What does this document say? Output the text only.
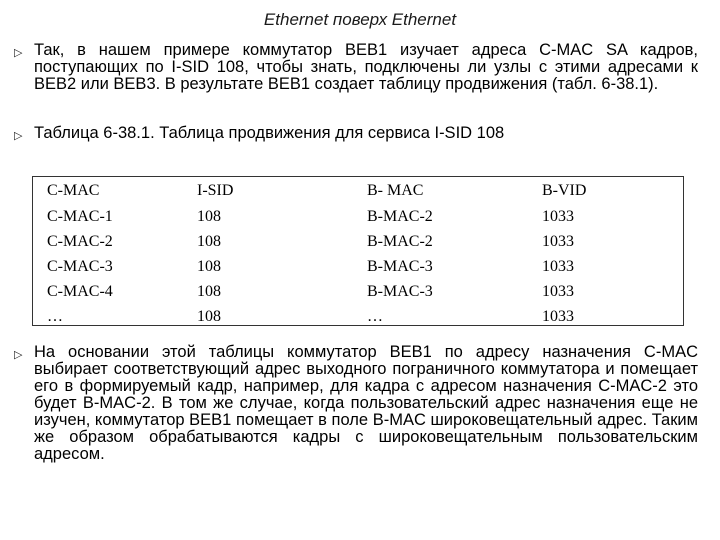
Ethernet поверх Ethernet
▷ Так, в нашем примере коммутатор BEB1 изучает адреса C-MAC SA кадров, поступающих по I-SID 108, чтобы знать, подключены ли узлы с этими адресами к BEB2 или BEB3. В результате BEB1 создает таблицу продвижения (табл. 6-38.1).
▷ Таблица 6-38.1. Таблица продвижения для сервиса I-SID 108
C-MAC	I-SID	B- MAC	B-VID
C-MAC-1	108	B-MAC-2	1033
C-MAC-2	108	B-MAC-2	1033
C-MAC-3	108	B-MAC-3	1033
C-MAC-4	108	B-MAC-3	1033
…	108	…	1033
▷ На основании этой таблицы коммутатор BEB1 по адресу назначения C-MAC выбирает соответствующий адрес выходного пограничного коммутатора и помещает его в формируемый кадр, например, для кадра с адресом назначения C-MAC-2 это будет B-MAC-2. В том же случае, когда пользовательский адрес назначения еще не изучен, коммутатор BEB1 помещает в поле B-MAC широковещательный адрес. Таким же образом обрабатываются кадры с широковещательным пользовательским адресом.
